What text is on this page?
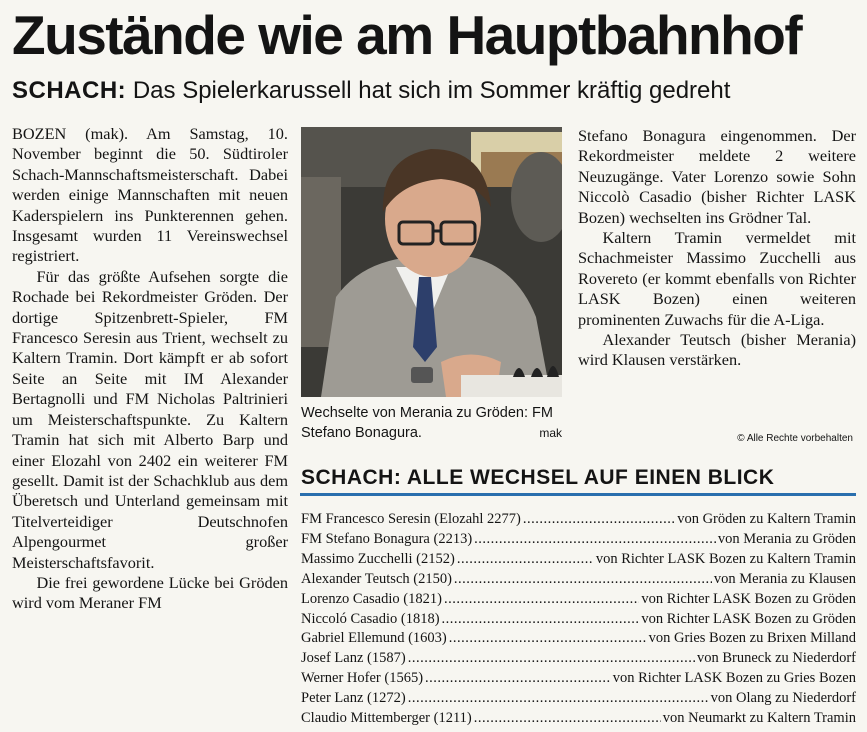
Zustände wie am Hauptbahnhof
SCHACH: Das Spielerkarussell hat sich im Sommer kräftig gedreht

BOZEN (mak). Am Samstag, 10. November beginnt die 50. Südtiroler Schach-Mannschaftsmeisterschaft. Dabei werden einige Mannschaften mit neuen Kaderspielern ins Punkterennen gehen. Insgesamt wurden 11 Vereinswechsel registriert.

Für das größte Aufsehen sorgte die Rochade bei Rekordmeister Gröden. Der dortige Spitzenbrett-Spieler, FM Francesco Seresin aus Trient, wechselt zu Kaltern Tramin. Dort kämpft er ab sofort Seite an Seite mit IM Alexander Bertagnolli und FM Nicholas Paltrinieri um Meisterschaftspunkte. Zu Kaltern Tramin hat sich mit Alberto Barp und einer Elozahl von 2402 ein weiterer FM gesellt. Damit ist der Schachklub aus dem Überetsch und Unterland gemeinsam mit Titelverteidiger Deutschnofen Alpengourmet großer Meisterschaftsfavorit.

Die frei gewordene Lücke bei Gröden wird vom Meraner FM

Wechselte von Merania zu Gröden: FM Stefano Bonagura.	mak

Stefano Bonagura eingenommen. Der Rekordmeister meldete 2 weitere Neuzugänge. Vater Lorenzo sowie Sohn Niccolò Casadio (bisher Richter LASK Bozen) wechselten ins Grödner Tal.

Kaltern Tramin vermeldet mit Schachmeister Massimo Zucchelli aus Rovereto (er kommt ebenfalls von Richter LASK Bozen) einen weiteren prominenten Zuwachs für die A-Liga.

Alexander Teutsch (bisher Merania) wird Klausen verstärken.

© Alle Rechte vorbehalten
SCHACH: ALLE WECHSEL AUF EINEN BLICK
FM Francesco Seresin (Elozahl 2277) .....	von Gröden zu Kaltern Tramin
FM Stefano Bonagura (2213) .....	von Merania zu Gröden
Massimo Zucchelli (2152) .....	von Richter LASK Bozen zu Kaltern Tramin
Alexander Teutsch (2150) .....	von Merania zu Klausen
Lorenzo Casadio (1821) .....	von Richter LASK Bozen zu Gröden
Niccoló Casadio (1818) .....	von Richter LASK Bozen zu Gröden
Gabriel Ellemund (1603) .....	von Gries Bozen zu Brixen Milland
Josef Lanz (1587) .....	von Bruneck zu Niederdorf
Werner Hofer (1565) .....	von Richter LASK Bozen zu Gries Bozen
Peter Lanz (1272) .....	von Olang zu Niederdorf
Claudio Mittemberger (1211) .....	von Neumarkt zu Kaltern Tramin
